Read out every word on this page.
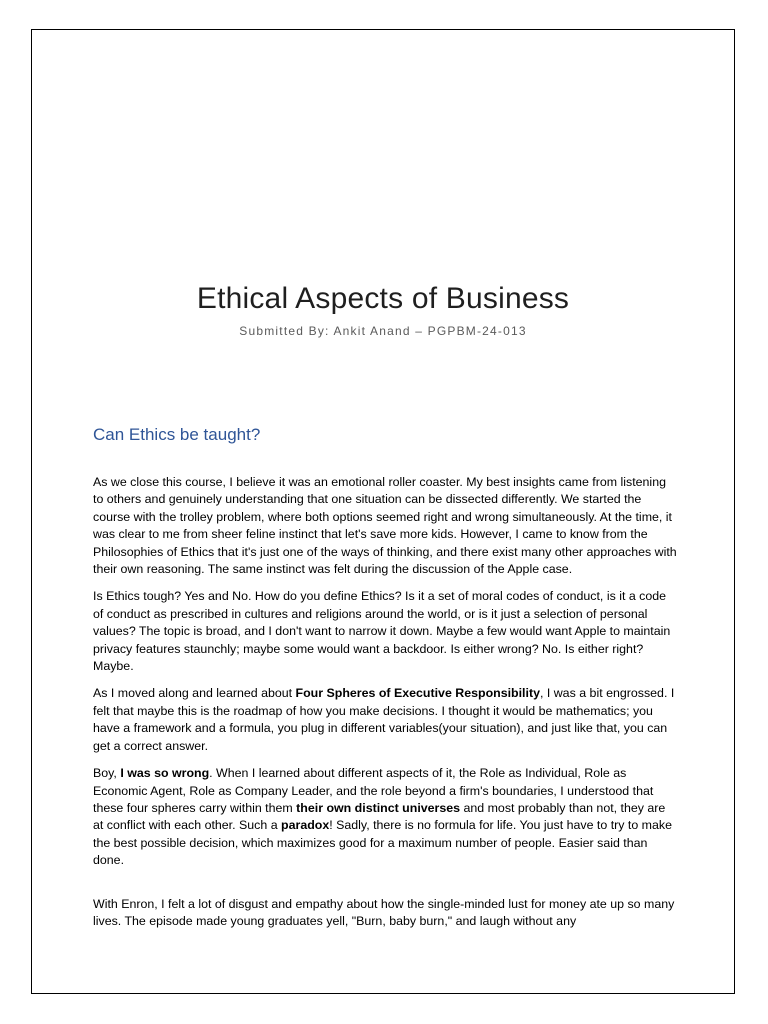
Ethical Aspects of Business
Submitted By: Ankit Anand – PGPBM-24-013
Can Ethics be taught?

As we close this course, I believe it was an emotional roller coaster. My best insights came from listening to others and genuinely understanding that one situation can be dissected differently. We started the course with the trolley problem, where both options seemed right and wrong simultaneously. At the time, it was clear to me from sheer feline instinct that let's save more kids. However, I came to know from the Philosophies of Ethics that it's just one of the ways of thinking, and there exist many other approaches with their own reasoning. The same instinct was felt during the discussion of the Apple case.

Is Ethics tough? Yes and No. How do you define Ethics? Is it a set of moral codes of conduct, is it a code of conduct as prescribed in cultures and religions around the world, or is it just a selection of personal values? The topic is broad, and I don't want to narrow it down. Maybe a few would want Apple to maintain privacy features staunchly; maybe some would want a backdoor. Is either wrong? No. Is either right? Maybe.

As I moved along and learned about Four Spheres of Executive Responsibility, I was a bit engrossed. I felt that maybe this is the roadmap of how you make decisions. I thought it would be mathematics; you have a framework and a formula, you plug in different variables(your situation), and just like that, you can get a correct answer.

Boy, I was so wrong. When I learned about different aspects of it, the Role as Individual, Role as Economic Agent, Role as Company Leader, and the role beyond a firm's boundaries, I understood that these four spheres carry within them their own distinct universes and most probably than not, they are at conflict with each other. Such a paradox! Sadly, there is no formula for life. You just have to try to make the best possible decision, which maximizes good for a maximum number of people. Easier said than done.

With Enron, I felt a lot of disgust and empathy about how the single-minded lust for money ate up so many lives. The episode made young graduates yell, "Burn, baby burn," and laugh without any
